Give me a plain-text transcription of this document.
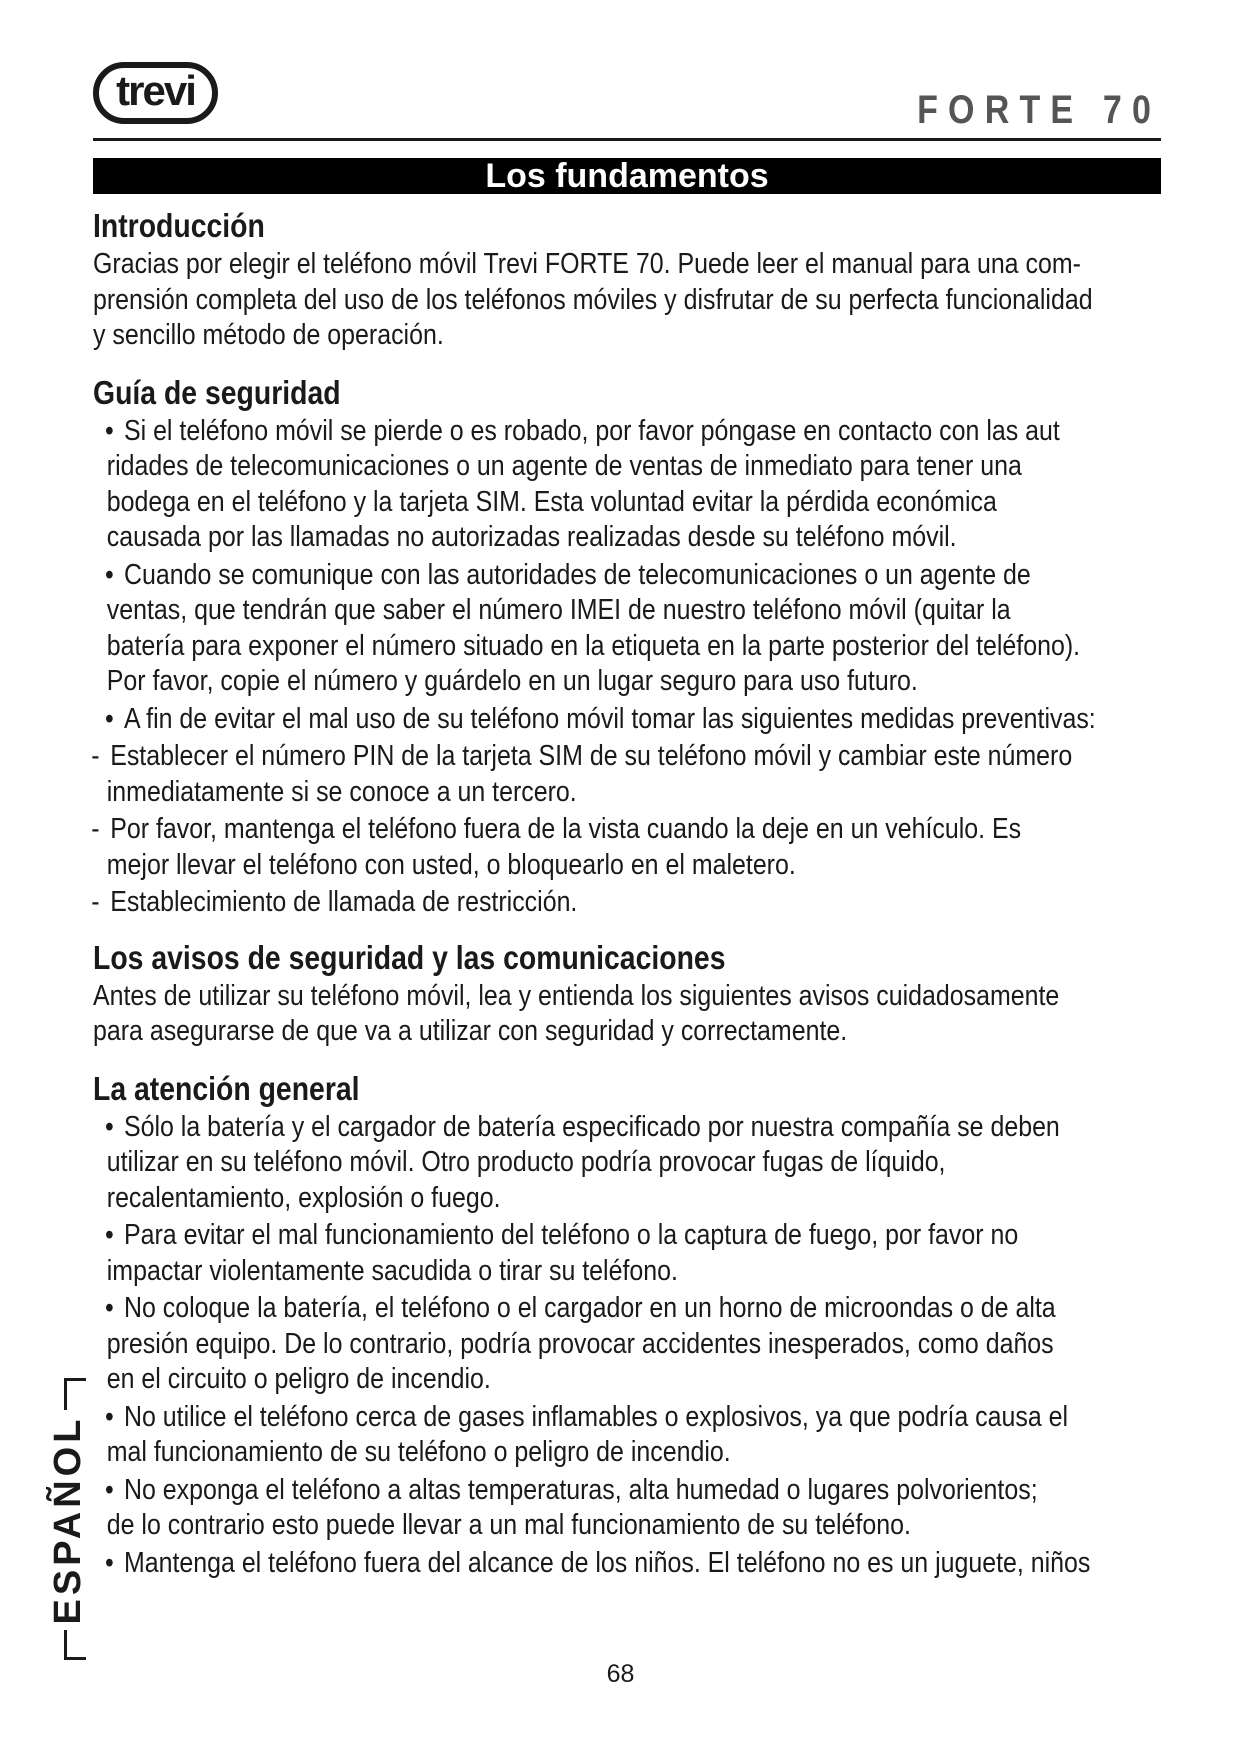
trevi	FORTE 70
Los fundamentos
Introducción
Gracias por elegir el teléfono móvil Trevi FORTE 70. Puede leer el manual para una com-
prensión completa del uso de los teléfonos móviles y disfrutar de su perfecta funcionalidad
y sencillo método de operación.
Guía de seguridad
• Si el teléfono móvil se pierde o es robado, por favor póngase en contacto con las aut
ridades de telecomunicaciones o un agente de ventas de inmediato para tener una
bodega en el teléfono y la tarjeta SIM. Esta voluntad evitar la pérdida económica
causada por las llamadas no autorizadas realizadas desde su teléfono móvil.
• Cuando se comunique con las autoridades de telecomunicaciones o un agente de
ventas, que tendrán que saber el número IMEI de nuestro teléfono móvil (quitar la
batería para exponer el número situado en la etiqueta en la parte posterior del teléfono).
Por favor, copie el número y guárdelo en un lugar seguro para uso futuro.
• A fin de evitar el mal uso de su teléfono móvil tomar las siguientes medidas preventivas:
- Establecer el número PIN de la tarjeta SIM de su teléfono móvil y cambiar este número
inmediatamente si se conoce a un tercero.
- Por favor, mantenga el teléfono fuera de la vista cuando la deje en un vehículo. Es
mejor llevar el teléfono con usted, o bloquearlo en el maletero.
- Establecimiento de llamada de restricción.
Los avisos de seguridad y las comunicaciones
Antes de utilizar su teléfono móvil, lea y entienda los siguientes avisos cuidadosamente
para asegurarse de que va a utilizar con seguridad y correctamente.
La atención general
• Sólo la batería y el cargador de batería especificado por nuestra compañía se deben
utilizar en su teléfono móvil. Otro producto podría provocar fugas de líquido,
recalentamiento, explosión o fuego.
• Para evitar el mal funcionamiento del teléfono o la captura de fuego, por favor no
impactar violentamente sacudida o tirar su teléfono.
• No coloque la batería, el teléfono o el cargador en un horno de microondas o de alta
presión equipo. De lo contrario, podría provocar accidentes inesperados, como daños
en el circuito o peligro de incendio.
• No utilice el teléfono cerca de gases inflamables o explosivos, ya que podría causa el
mal funcionamiento de su teléfono o peligro de incendio.
• No exponga el teléfono a altas temperaturas, alta humedad o lugares polvorientos;
de lo contrario esto puede llevar a un mal funcionamiento de su teléfono.
• Mantenga el teléfono fuera del alcance de los niños. El teléfono no es un juguete, niños
ESPAÑOL
68
